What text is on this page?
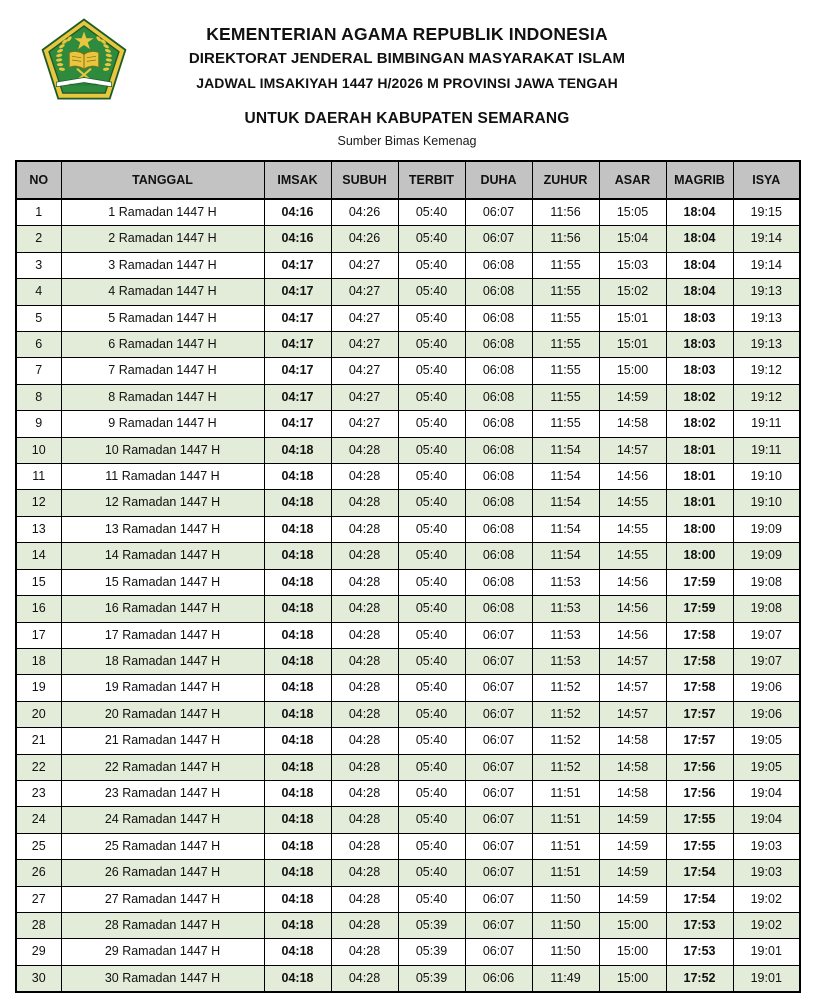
IKHLAS BERAMAL
KEMENTERIAN AGAMA REPUBLIK INDONESIA
DIREKTORAT JENDERAL BIMBINGAN MASYARAKAT ISLAM
JADWAL IMSAKIYAH 1447 H/2026 M PROVINSI JAWA TENGAH
UNTUK DAERAH KABUPATEN SEMARANG
Sumber Bimas Kemenag
NO	TANGGAL	IMSAK	SUBUH	TERBIT	DUHA	ZUHUR	ASAR	MAGRIB	ISYA
1	1 Ramadan 1447 H	04:16	04:26	05:40	06:07	11:56	15:05	18:04	19:15
2	2 Ramadan 1447 H	04:16	04:26	05:40	06:07	11:56	15:04	18:04	19:14
3	3 Ramadan 1447 H	04:17	04:27	05:40	06:08	11:55	15:03	18:04	19:14
4	4 Ramadan 1447 H	04:17	04:27	05:40	06:08	11:55	15:02	18:04	19:13
5	5 Ramadan 1447 H	04:17	04:27	05:40	06:08	11:55	15:01	18:03	19:13
6	6 Ramadan 1447 H	04:17	04:27	05:40	06:08	11:55	15:01	18:03	19:13
7	7 Ramadan 1447 H	04:17	04:27	05:40	06:08	11:55	15:00	18:03	19:12
8	8 Ramadan 1447 H	04:17	04:27	05:40	06:08	11:55	14:59	18:02	19:12
9	9 Ramadan 1447 H	04:17	04:27	05:40	06:08	11:55	14:58	18:02	19:11
10	10 Ramadan 1447 H	04:18	04:28	05:40	06:08	11:54	14:57	18:01	19:11
11	11 Ramadan 1447 H	04:18	04:28	05:40	06:08	11:54	14:56	18:01	19:10
12	12 Ramadan 1447 H	04:18	04:28	05:40	06:08	11:54	14:55	18:01	19:10
13	13 Ramadan 1447 H	04:18	04:28	05:40	06:08	11:54	14:55	18:00	19:09
14	14 Ramadan 1447 H	04:18	04:28	05:40	06:08	11:54	14:55	18:00	19:09
15	15 Ramadan 1447 H	04:18	04:28	05:40	06:08	11:53	14:56	17:59	19:08
16	16 Ramadan 1447 H	04:18	04:28	05:40	06:08	11:53	14:56	17:59	19:08
17	17 Ramadan 1447 H	04:18	04:28	05:40	06:07	11:53	14:56	17:58	19:07
18	18 Ramadan 1447 H	04:18	04:28	05:40	06:07	11:53	14:57	17:58	19:07
19	19 Ramadan 1447 H	04:18	04:28	05:40	06:07	11:52	14:57	17:58	19:06
20	20 Ramadan 1447 H	04:18	04:28	05:40	06:07	11:52	14:57	17:57	19:06
21	21 Ramadan 1447 H	04:18	04:28	05:40	06:07	11:52	14:58	17:57	19:05
22	22 Ramadan 1447 H	04:18	04:28	05:40	06:07	11:52	14:58	17:56	19:05
23	23 Ramadan 1447 H	04:18	04:28	05:40	06:07	11:51	14:58	17:56	19:04
24	24 Ramadan 1447 H	04:18	04:28	05:40	06:07	11:51	14:59	17:55	19:04
25	25 Ramadan 1447 H	04:18	04:28	05:40	06:07	11:51	14:59	17:55	19:03
26	26 Ramadan 1447 H	04:18	04:28	05:40	06:07	11:51	14:59	17:54	19:03
27	27 Ramadan 1447 H	04:18	04:28	05:40	06:07	11:50	14:59	17:54	19:02
28	28 Ramadan 1447 H	04:18	04:28	05:39	06:07	11:50	15:00	17:53	19:02
29	29 Ramadan 1447 H	04:18	04:28	05:39	06:07	11:50	15:00	17:53	19:01
30	30 Ramadan 1447 H	04:18	04:28	05:39	06:06	11:49	15:00	17:52	19:01
